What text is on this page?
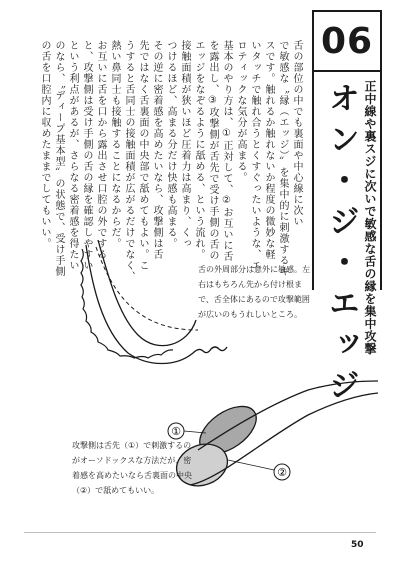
06
正中線や裏スジに次いで敏感な舌の縁を集中攻撃
オン・ジ・エッジ
舌の部位の中でも裏面や中心線に次い
で敏感な〝縁（エッジ）〟を集中的に刺激するキ
スです。触れるか触れないか程度の微妙な軽
いタッチで触れ合うとくすぐったいような、エ
ロティックな気分が高まる。
基本のやり方は、①正対して、②お互いに舌
を露出し、③攻撃側が舌先で受け手側の舌の
エッジをなぞるように舐める、という流れ。
接触面積が狭いほど圧着力は高まり、くっ
つけるほど、高まる分だけ快感も高まる。
その逆に密着感を高めたいなら、攻撃側は舌
先ではなく舌裏面の中央部で舐めてもよい。こ
うすると舌同士の接触面積が広がるだけでなく、
熱い鼻同士も接触することになるからだ。
お互いに舌を口から露出させ口腔の外でする
と、攻撃側は受け手側の舌の縁を確認しやすい
という利点があるが、さらなる密着感を得たい
のなら、〝ディープ基本型〟の状態で、受け手側
の舌を口腔内に収めたままでしてもいい。
①
②
舌の外周部分は意外に敏感。左右はもちろん先から付け根まで、舌全体にあるので攻撃範囲が広いのもうれしいところ。
攻撃側は舌先（①）で刺激するのがオーソドックスな方法だが、密着感を高めたいなら舌裏面の中央（②）で舐めてもいい。
50
